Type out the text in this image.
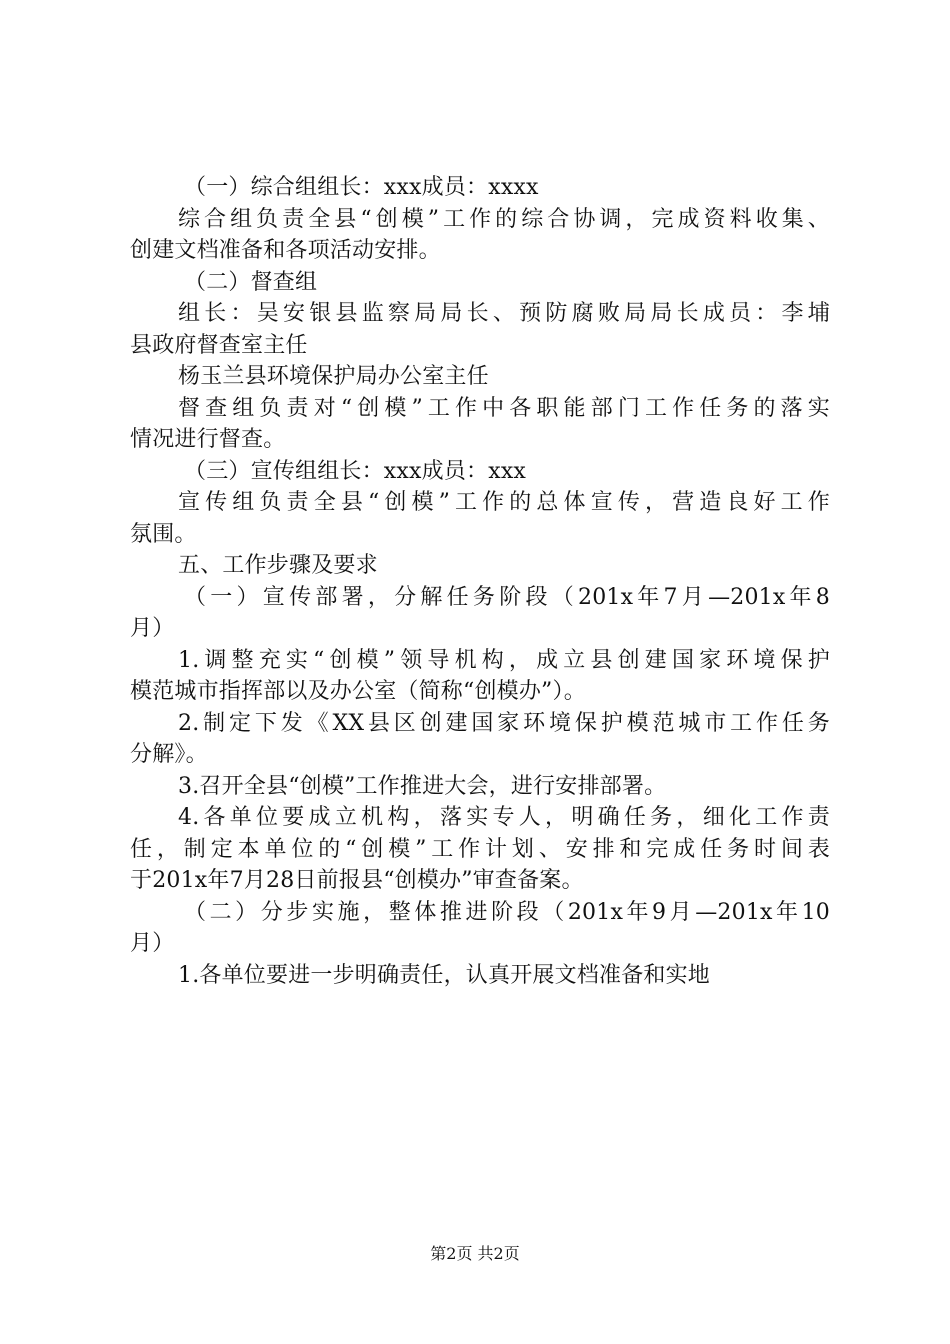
（一）综合组组长：xxx成员：xxxx
综合组负责全县“创模”工作的综合协调，完成资料收集、
创建文档准备和各项活动安排。
（二）督查组
组长：吴安银县监察局局长、预防腐败局局长成员：李埔
县政府督查室主任
杨玉兰县环境保护局办公室主任
督查组负责对“创模”工作中各职能部门工作任务的落实
情况进行督查。
（三）宣传组组长：xxx成员：xxx
宣传组负责全县“创模”工作的总体宣传，营造良好工作
氛围。
五、工作步骤及要求
（一）宣传部署，分解任务阶段（201x年7月—201x年8
月）
1.调整充实“创模”领导机构，成立县创建国家环境保护
模范城市指挥部以及办公室（简称“创模办”）。
2.制定下发《XX县区创建国家环境保护模范城市工作任务
分解》。
3.召开全县“创模”工作推进大会，进行安排部署。
4.各单位要成立机构，落实专人，明确任务，细化工作责
任，制定本单位的“创模”工作计划、安排和完成任务时间表
于201x年7月28日前报县“创模办”审查备案。
（二）分步实施，整体推进阶段（201x年9月—201x年10
月）
1.各单位要进一步明确责任，认真开展文档准备和实地
第2页 共2页
